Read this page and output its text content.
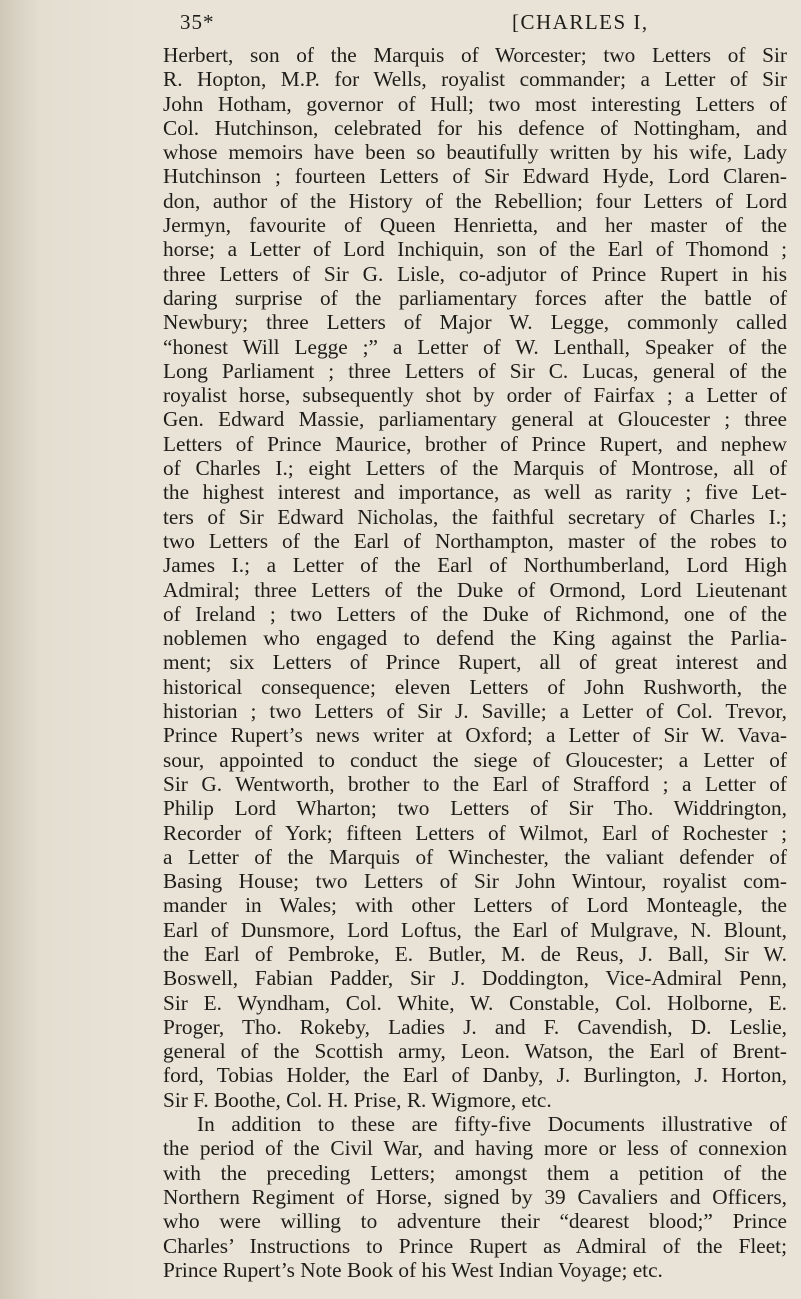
35*	[CHARLES I,
Herbert, son of the Marquis of Worcester; two Letters of Sir
R. Hopton, M.P. for Wells, royalist commander; a Letter of Sir
John Hotham, governor of Hull; two most interesting Letters of
Col. Hutchinson, celebrated for his defence of Nottingham, and
whose memoirs have been so beautifully written by his wife, Lady
Hutchinson ; fourteen Letters of Sir Edward Hyde, Lord Claren-
don, author of the History of the Rebellion; four Letters of Lord
Jermyn, favourite of Queen Henrietta, and her master of the
horse; a Letter of Lord Inchiquin, son of the Earl of Thomond ;
three Letters of Sir G. Lisle, co-adjutor of Prince Rupert in his
daring surprise of the parliamentary forces after the battle of
Newbury; three Letters of Major W. Legge, commonly called
“honest Will Legge ;” a Letter of W. Lenthall, Speaker of the
Long Parliament ; three Letters of Sir C. Lucas, general of the
royalist horse, subsequently shot by order of Fairfax ; a Letter of
Gen. Edward Massie, parliamentary general at Gloucester ; three
Letters of Prince Maurice, brother of Prince Rupert, and nephew
of Charles I.; eight Letters of the Marquis of Montrose, all of
the highest interest and importance, as well as rarity ; five Let-
ters of Sir Edward Nicholas, the faithful secretary of Charles I.;
two Letters of the Earl of Northampton, master of the robes to
James I.; a Letter of the Earl of Northumberland, Lord High
Admiral; three Letters of the Duke of Ormond, Lord Lieutenant
of Ireland ; two Letters of the Duke of Richmond, one of the
noblemen who engaged to defend the King against the Parlia-
ment; six Letters of Prince Rupert, all of great interest and
historical consequence; eleven Letters of John Rushworth, the
historian ; two Letters of Sir J. Saville; a Letter of Col. Trevor,
Prince Rupert’s news writer at Oxford; a Letter of Sir W. Vava-
sour, appointed to conduct the siege of Gloucester; a Letter of
Sir G. Wentworth, brother to the Earl of Strafford ; a Letter of
Philip Lord Wharton; two Letters of Sir Tho. Widdrington,
Recorder of York; fifteen Letters of Wilmot, Earl of Rochester ;
a Letter of the Marquis of Winchester, the valiant defender of
Basing House; two Letters of Sir John Wintour, royalist com-
mander in Wales; with other Letters of Lord Monteagle, the
Earl of Dunsmore, Lord Loftus, the Earl of Mulgrave, N. Blount,
the Earl of Pembroke, E. Butler, M. de Reus, J. Ball, Sir W.
Boswell, Fabian Padder, Sir J. Doddington, Vice-Admiral Penn,
Sir E. Wyndham, Col. White, W. Constable, Col. Holborne, E.
Proger, Tho. Rokeby, Ladies J. and F. Cavendish, D. Leslie,
general of the Scottish army, Leon. Watson, the Earl of Brent-
ford, Tobias Holder, the Earl of Danby, J. Burlington, J. Horton,
Sir F. Boothe, Col. H. Prise, R. Wigmore, etc.
In addition to these are fifty-five Documents illustrative of
the period of the Civil War, and having more or less of connexion
with the preceding Letters; amongst them a petition of the
Northern Regiment of Horse, signed by 39 Cavaliers and Officers,
who were willing to adventure their “dearest blood;” Prince
Charles’ Instructions to Prince Rupert as Admiral of the Fleet;
Prince Rupert’s Note Book of his West Indian Voyage; etc.
